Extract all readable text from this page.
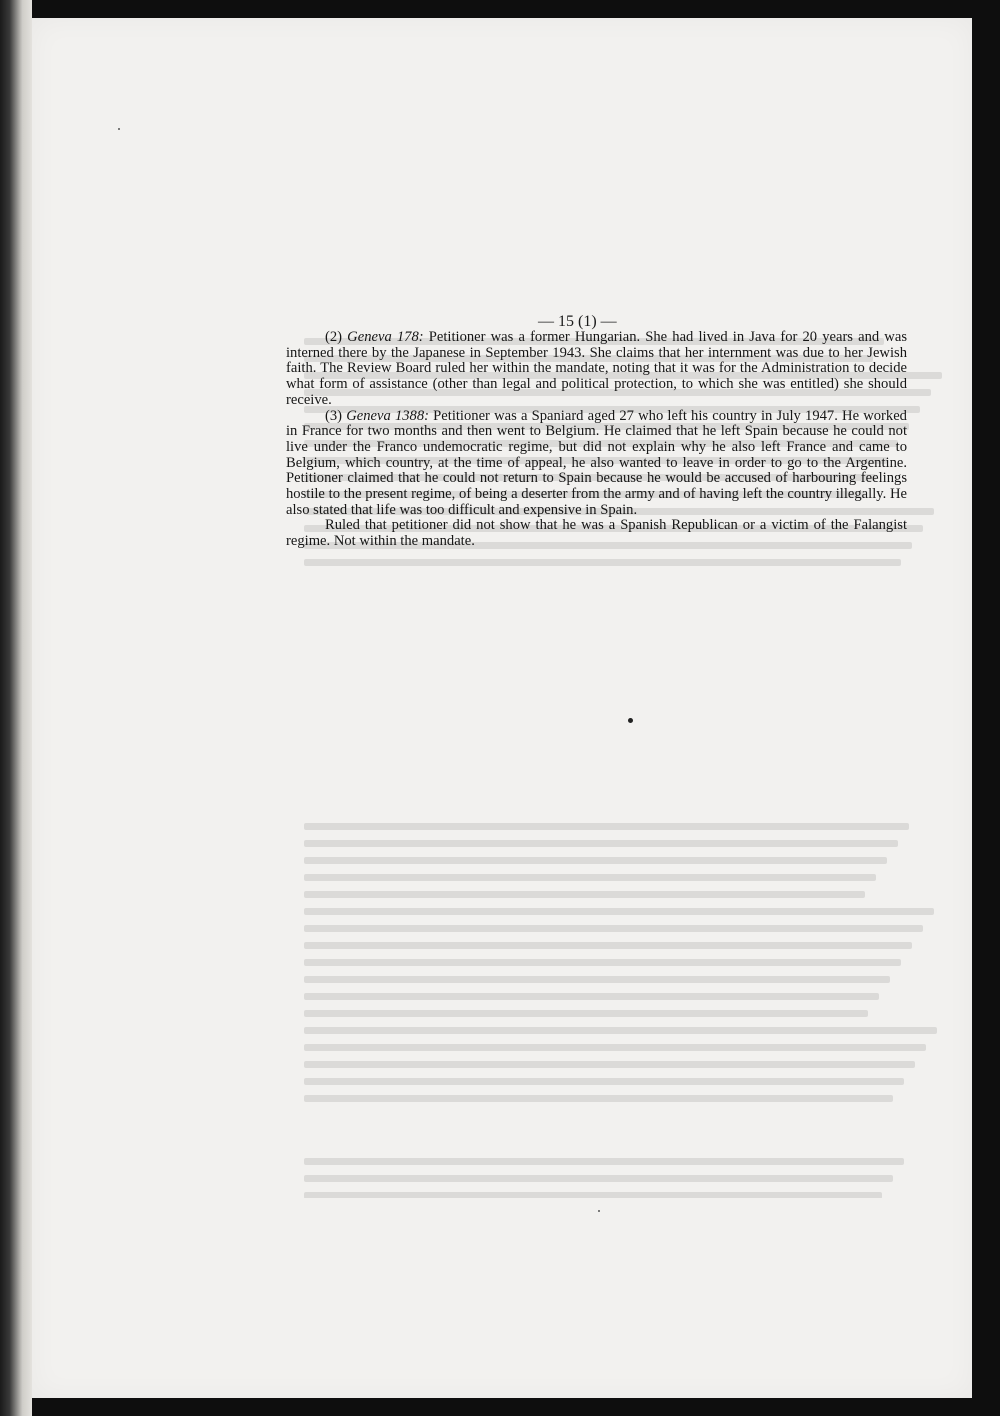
— 15 (1) —

(2) Geneva 178: Petitioner was a former Hungarian. She had lived in Java for 20 years and was interned there by the Japanese in September 1943. She claims that her internment was due to her Jewish faith. The Review Board ruled her within the mandate, noting that it was for the Administration to decide what form of assistance (other than legal and political protection, to which she was entitled) she should receive.

(3) Geneva 1388: Petitioner was a Spaniard aged 27 who left his country in July 1947. He worked in France for two months and then went to Belgium. He claimed that he left Spain because he could not live under the Franco undemocratic regime, but did not explain why he also left France and came to Belgium, which country, at the time of appeal, he also wanted to leave in order to go to the Argentine. Petitioner claimed that he could not return to Spain because he would be accused of harbouring feelings hostile to the present regime, of being a deserter from the army and of having left the country illegally. He also stated that life was too difficult and expensive in Spain.

Ruled that petitioner did not show that he was a Spanish Republican or a victim of the Falangist regime. Not within the mandate.
